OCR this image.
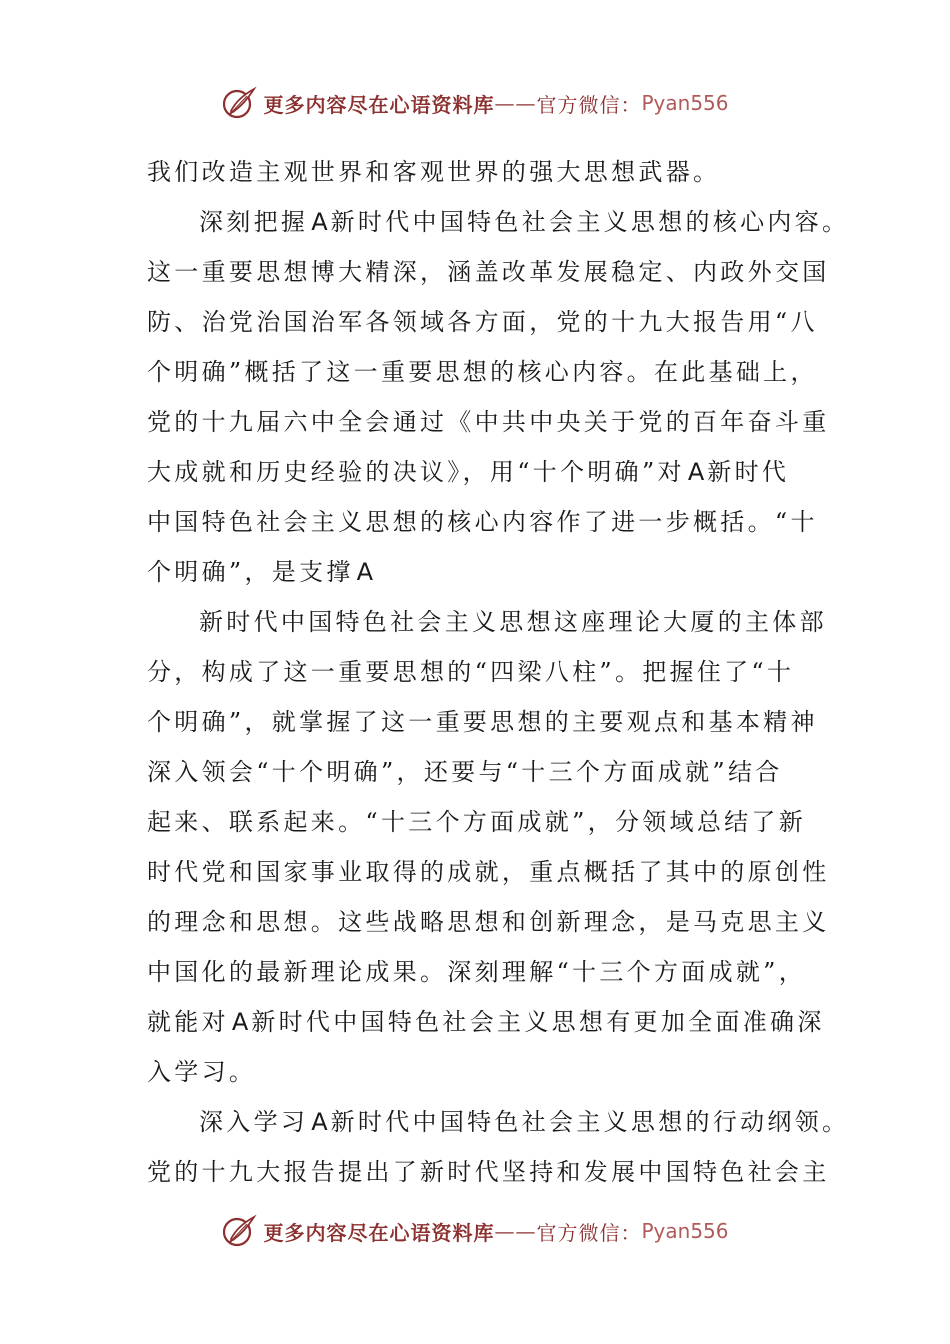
更多内容尽在心语资料库 —— 官方微信： Pyan556
我们改造主观世界和客观世界的强大思想武器。
深刻把握 A 新时代中国特色社会主义思想的核心内容。
这一重要思想博大精深，涵盖改革发展稳定、内政外交国
防、治党治国治军各领域各方面，党的十九大报告用“八
个明确”概括了这一重要思想的核心内容。在此基础上，
党的十九届六中全会通过《中共中央关于党的百年奋斗重
大成就和历史经验的决议》，用“十个明确”对 A 新时代
中国特色社会主义思想的核心内容作了进一步概括。“十
个明确”，是支撑 A
新时代中国特色社会主义思想这座理论大厦的主体部
分，构成了这一重要思想的“四梁八柱”。把握住了“十
个明确”，就掌握了这一重要思想的主要观点和基本精神
深入领会“十个明确”，还要与“十三个方面成就”结合
起来、联系起来。“十三个方面成就”，分领域总结了新
时代党和国家事业取得的成就，重点概括了其中的原创性
的理念和思想。这些战略思想和创新理念，是马克思主义
中国化的最新理论成果。深刻理解“十三个方面成就”，
就能对 A 新时代中国特色社会主义思想有更加全面准确深
入学习。
深入学习 A 新时代中国特色社会主义思想的行动纲领。
党的十九大报告提出了新时代坚持和发展中国特色社会主
更多内容尽在心语资料库 —— 官方微信： Pyan556
